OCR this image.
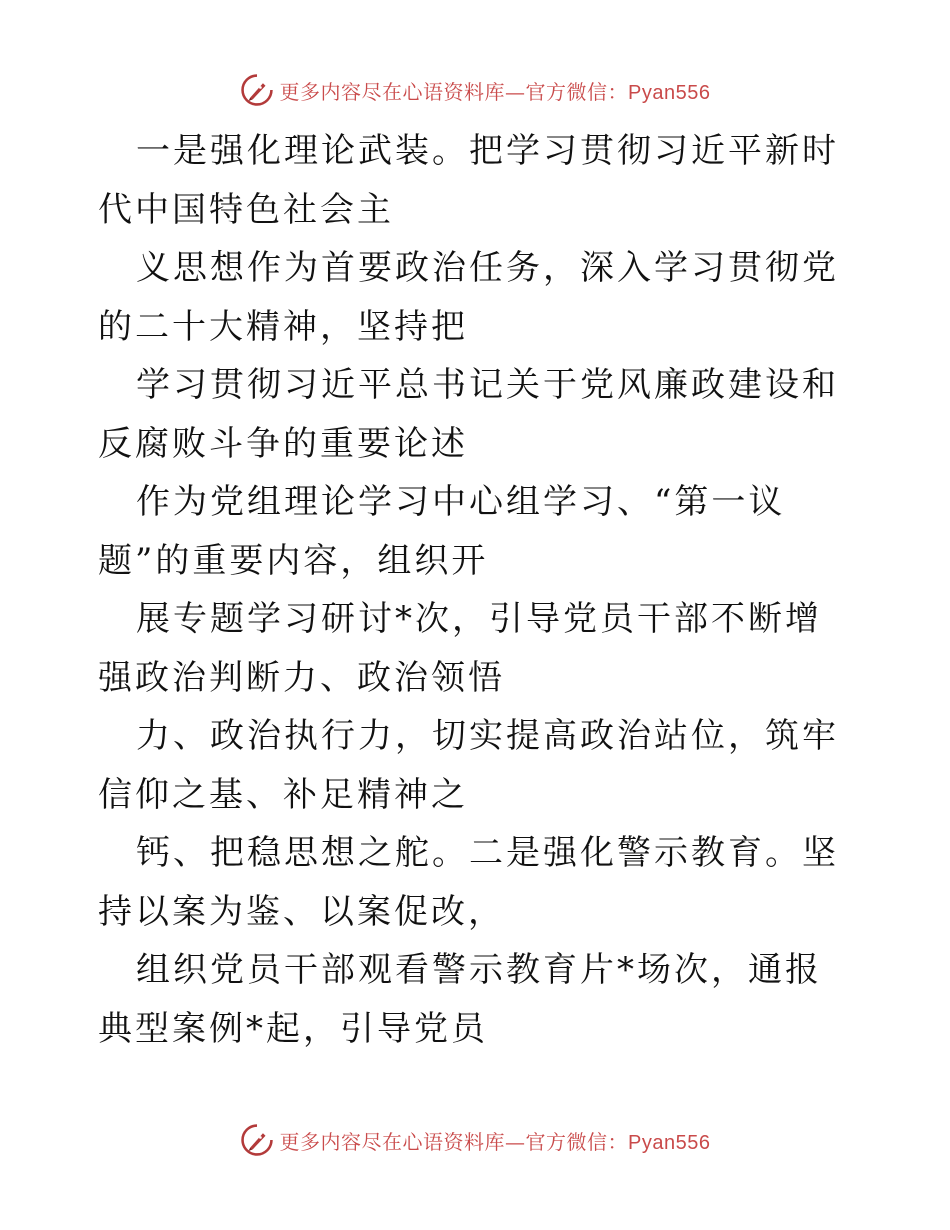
更多内容尽在心语资料库—官方微信：Pyan556

一是强化理论武装。把学习贯彻习近平新时代中国特色社会主

义思想作为首要政治任务，深入学习贯彻党的二十大精神，坚持把

学习贯彻习近平总书记关于党风廉政建设和反腐败斗争的重要论述

作为党组理论学习中心组学习、“第一议题”的重要内容，组织开

展专题学习研讨*次，引导党员干部不断增强政治判断力、政治领悟

力、政治执行力，切实提高政治站位，筑牢信仰之基、补足精神之

钙、把稳思想之舵。二是强化警示教育。坚持以案为鉴、以案促改，

组织党员干部观看警示教育片*场次，通报典型案例*起，引导党员

更多内容尽在心语资料库—官方微信：Pyan556
